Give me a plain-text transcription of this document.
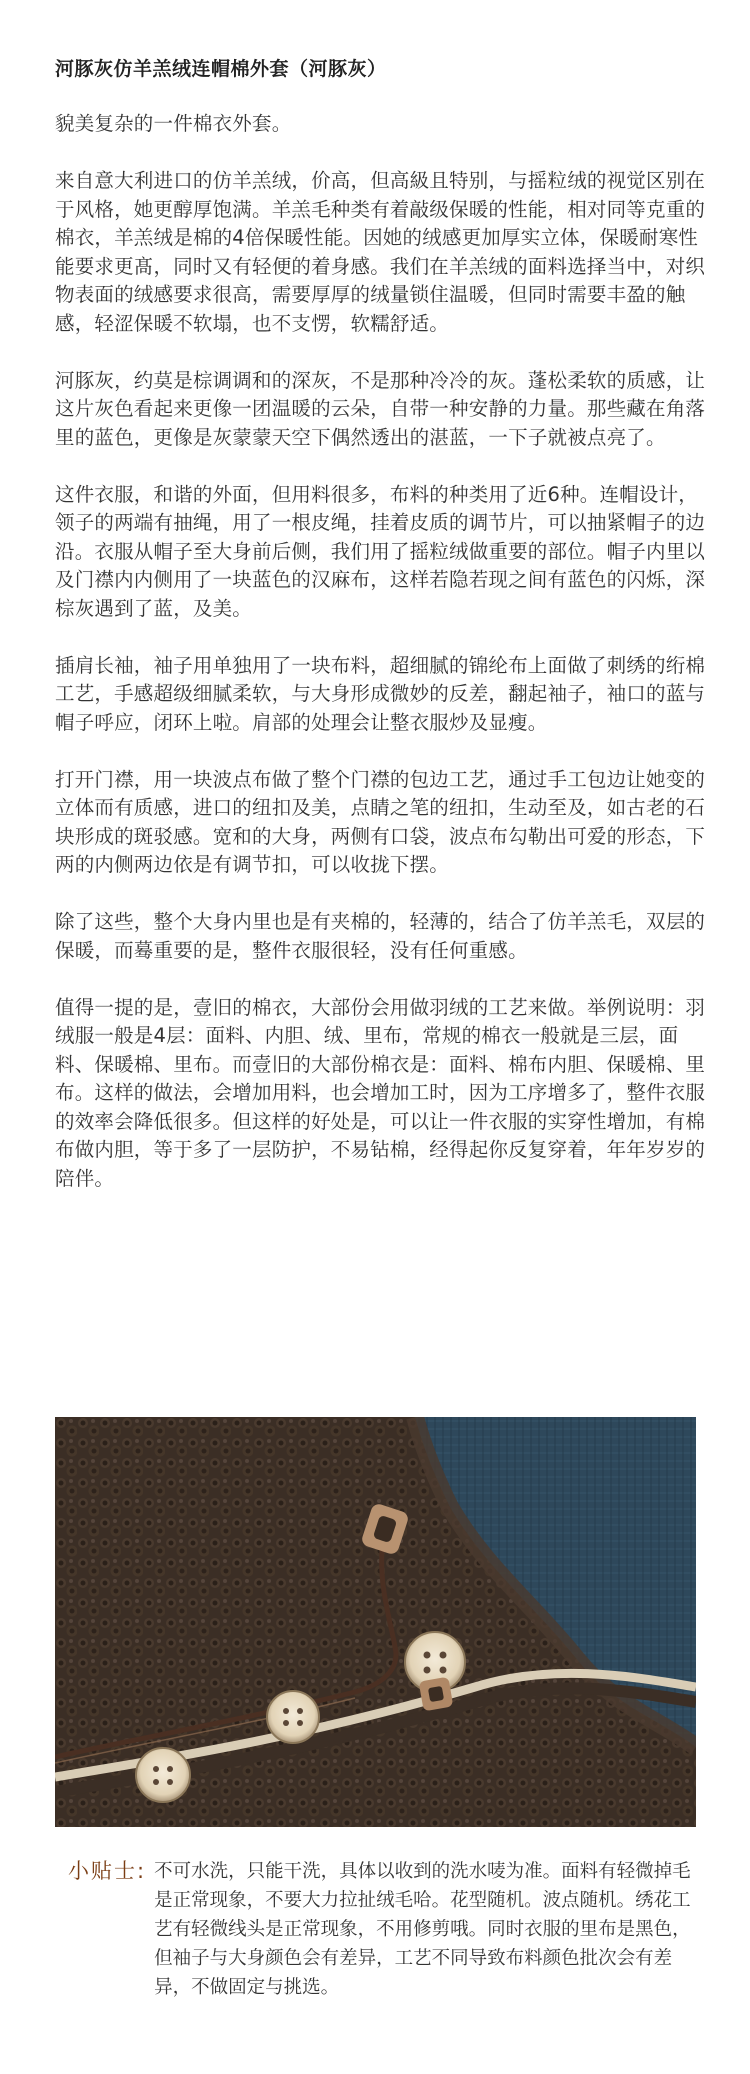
河豚灰仿羊羔绒连帽棉外套（河豚灰）

貌美复杂的一件棉衣外套。

来自意大利进口的仿羊羔绒，价高，但高級且特别，与摇粒绒的视觉区别在于风格，她更醇厚饱满。羊羔毛种类有着敲级保暖的性能，相对同等克重的棉衣，羊羔绒是棉的4倍保暖性能。因她的绒感更加厚实立体，保暖耐寒性能要求更髙，同时又有轻便的着身感。我们在羊羔绒的面料选择当中，对织物表面的绒感要求很高，需要厚厚的绒量锁住温暖，但同时需要丰盈的触感，轻涩保暖不软塌，也不支愣，软糯舒适。

河豚灰，约莫是棕调调和的深灰，不是那种冷冷的灰。蓬松柔软的质感，让这片灰色看起来更像一团温暖的云朵，自带一种安静的力量。那些藏在角落里的蓝色，更像是灰蒙蒙天空下偶然透出的湛蓝，一下子就被点亮了。

这件衣服，和谐的外面，但用料很多，布料的种类用了近6种。连帽设计，领子的两端有抽绳，用了一根皮绳，挂着皮质的调节片，可以抽紧帽子的边沿。衣服从帽子至大身前后侧，我们用了摇粒绒做重要的部位。帽子内里以及门襟内内侧用了一块蓝色的汉麻布，这样若隐若现之间有蓝色的闪烁，深棕灰遇到了蓝，及美。

插肩长袖，袖子用单独用了一块布料，超细腻的锦纶布上面做了刺绣的绗棉工艺，手感超级细腻柔软，与大身形成微妙的反差，翻起袖子，袖口的蓝与帽子呼应，闭环上啦。肩部的处理会让整衣服炒及显瘦。

打开门襟，用一块波点布做了整个门襟的包边工艺，通过手工包边让她变的立体而有质感，进口的纽扣及美，点睛之笔的纽扣，生动至及，如古老的石块形成的斑驳感。宽和的大身，两侧有口袋，波点布勾勒出可爱的形态，下两的内侧两边依是有调节扣，可以收拢下摆。

除了这些，整个大身内里也是有夹棉的，轻薄的，结合了仿羊羔毛，双层的保暖，而蓦重要的是，整件衣服很轻，没有任何重感。

值得一提的是，壹旧的棉衣，大部份会用做羽绒的工艺来做。举例说明：羽绒服一般是4层：面料、内胆、绒、里布，常规的棉衣一般就是三层，面料、保暖棉、里布。而壹旧的大部份棉衣是：面料、棉布内胆、保暖棉、里布。这样的做法，会增加用料，也会增加工时，因为工序增多了，整件衣服的效率会降低很多。但这样的好处是，可以让一件衣服的实穿性增加，有棉布做内胆，等于多了一层防护，不易钻棉，经得起你反复穿着，年年岁岁的陪伴。

小贴士: 不可水洗，只能干洗，具体以收到的洗水唛为准。面料有轻微掉毛是正常现象，不要大力拉扯绒毛哈。花型随机。波点随机。绣花工艺有轻微线头是正常现象，不用修剪哦。同时衣服的里布是黑色，但袖子与大身颜色会有差异，工艺不同导致布料颜色批次会有差异，不做固定与挑选。
